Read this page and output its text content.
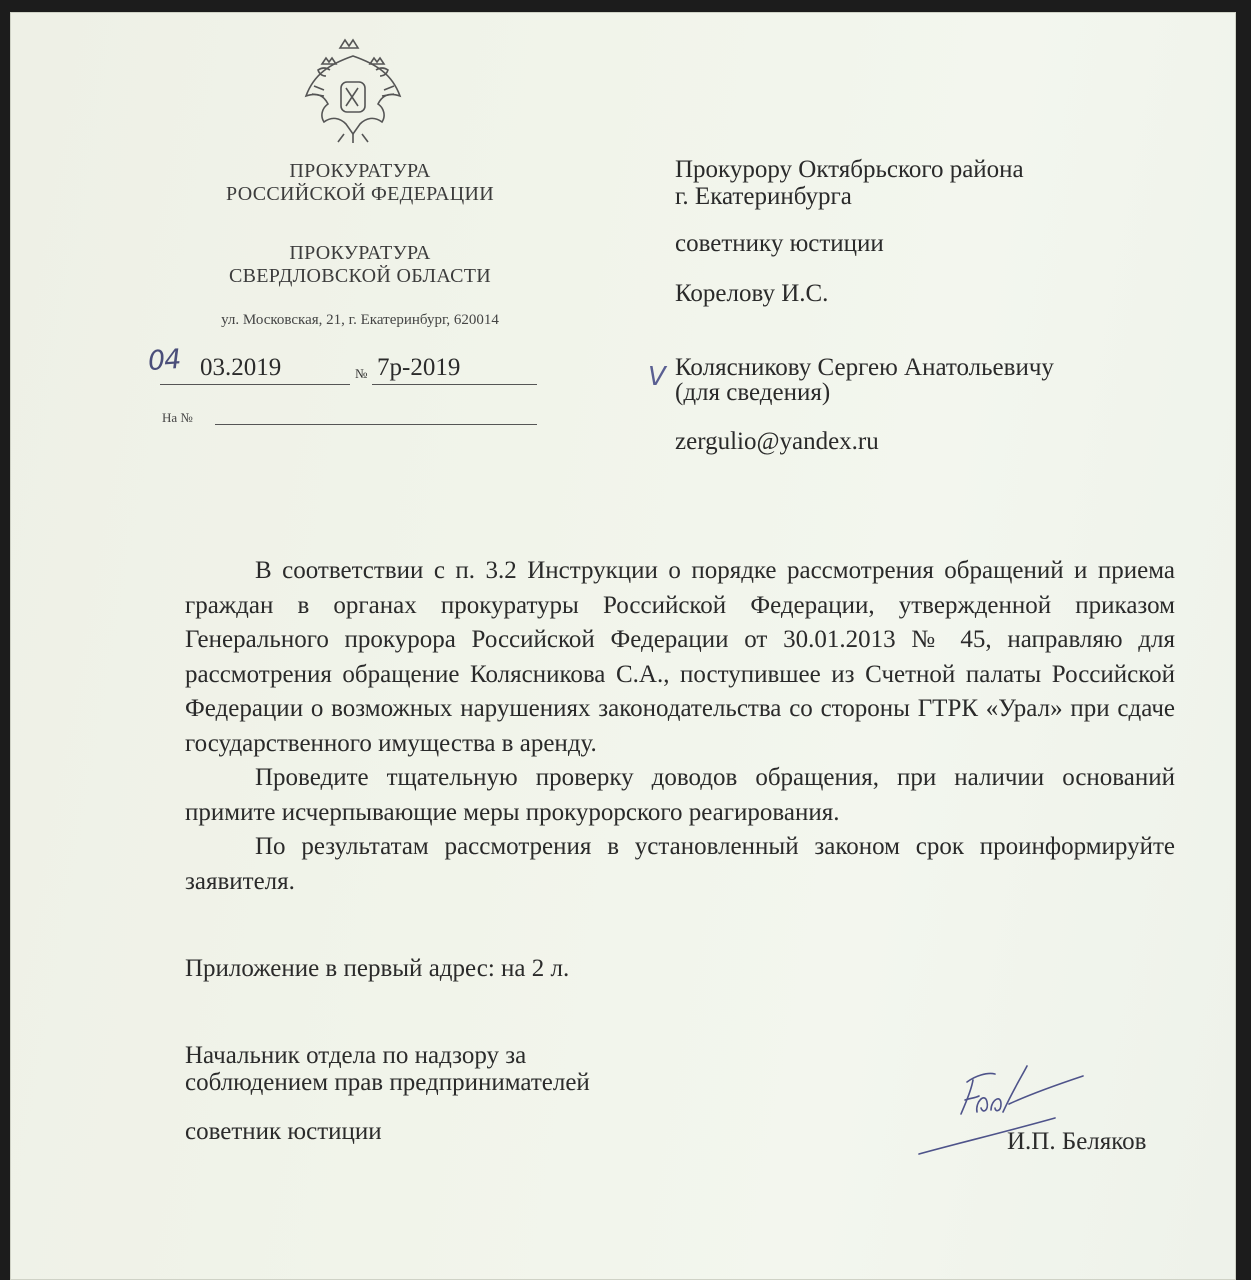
ПРОКУРАТУРА
РОССИЙСКОЙ ФЕДЕРАЦИИ
ПРОКУРАТУРА
СВЕРДЛОВСКОЙ ОБЛАСТИ
ул. Московская, 21, г. Екатеринбург, 620014
04 03.2019	№ 7р-2019
На №
Прокурору Октябрьского района
г. Екатеринбурга
советнику юстиции
Корелову И.С.
V Колясникову Сергею Анатольевичу
(для сведения)
zergulio@yandex.ru

В соответствии с п. 3.2 Инструкции о порядке рассмотрения обращений и приема граждан в органах прокуратуры Российской Федерации, утвержденной приказом Генерального прокурора Российской Федерации от 30.01.2013 № 45, направляю для рассмотрения обращение Колясникова С.А., поступившее из Счетной палаты Российской Федерации о возможных нарушениях законодательства со стороны ГТРК «Урал» при сдаче государственного имущества в аренду.

Проведите тщательную проверку доводов обращения, при наличии оснований примите исчерпывающие меры прокурорского реагирования.

По результатам рассмотрения в установленный законом срок проинформируйте заявителя.

Приложение в первый адрес: на 2 л.
Начальник отдела по надзору за
соблюдением прав предпринимателей
советник юстиции	И.П. Беляков
